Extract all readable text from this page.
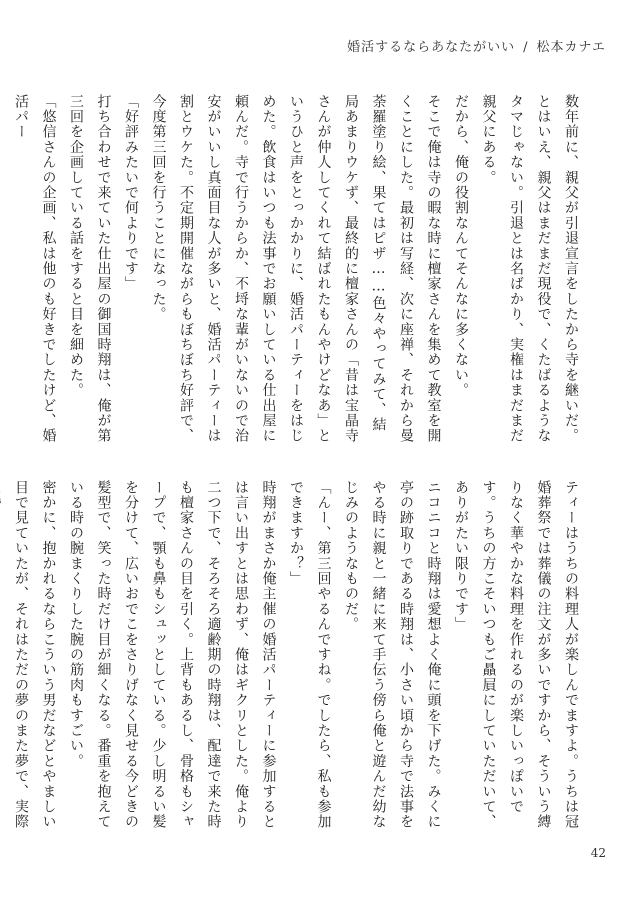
婚活するならあなたがいい / 松本カナエ
数年前に、親父が引退宣言をしたから寺を継いだ。
とはいえ、親父はまだまだ現役で、くたばるようなタマじゃない。引退とは名ばかり、実権はまだまだ親父にある。
だから、俺の役割なんてそんなに多くない。
そこで俺は寺の暇な時に檀家さんを集めて教室を開くことにした。最初は写経、次に座禅、それから曼荼羅塗り絵、果てはピザ……色々やってみて、結局あまりウケず、最終的に檀家さんの「昔は宝晶寺さんが仲人してくれて結ばれたもんやけどなあ」というひと声をとっかかりに、婚活パーティーをはじめた。飲食はいつも法事でお願いしている仕出屋に頼んだ。寺で行うからか、不埒な輩がいないので治安がいいし真面目な人が多いと、婚活パーティーは割とウケた。不定期開催ながらもぼちぼち好評で、今度第三回を行うことになった。
「好評みたいで何よりです」
打ち合わせで来ていた仕出屋の御国時翔は、俺が第三回を企画している話をすると目を細めた。
「悠信さんの企画、私は他のも好きでしたけど、婚活パー
ティーはうちの料理人が楽しんでますよ。うちは冠婚葬祭では葬儀の注文が多いですから、そういう縛りなく華やかな料理を作れるのが楽しいっぽいです。うちの方こそいつもご贔屓にしていただいて、ありがたい限りです」
ニコニコと時翔は愛想よく俺に頭を下げた。みくに亭の跡取りである時翔は、小さい頃から寺で法事をやる時に親と一緒に来て手伝う傍ら俺と遊んだ幼なじみのようなものだ。
「んー、第三回やるんですね。でしたら、私も参加できますか？」
時翔がまさか俺主催の婚活パーティーに参加するとは言い出すとは思わず、俺はギクリとした。俺より二つ下で、そろそろ適齢期の時翔は、配達で来た時も檀家さんの目を引く。上背もあるし、骨格もシャープで、顎も鼻もシュッとしている。少し明るい髪を分けて、広いおでこをさりげなく見せる今どきの髪型で、笑った時だけ目が細くなる。番重を抱えている時の腕まくりした腕の筋肉もすごい。
密かに、抱かれるならこういう男だなどとやましい目で見ていたが、それはただの夢のまた夢で、実際
42
